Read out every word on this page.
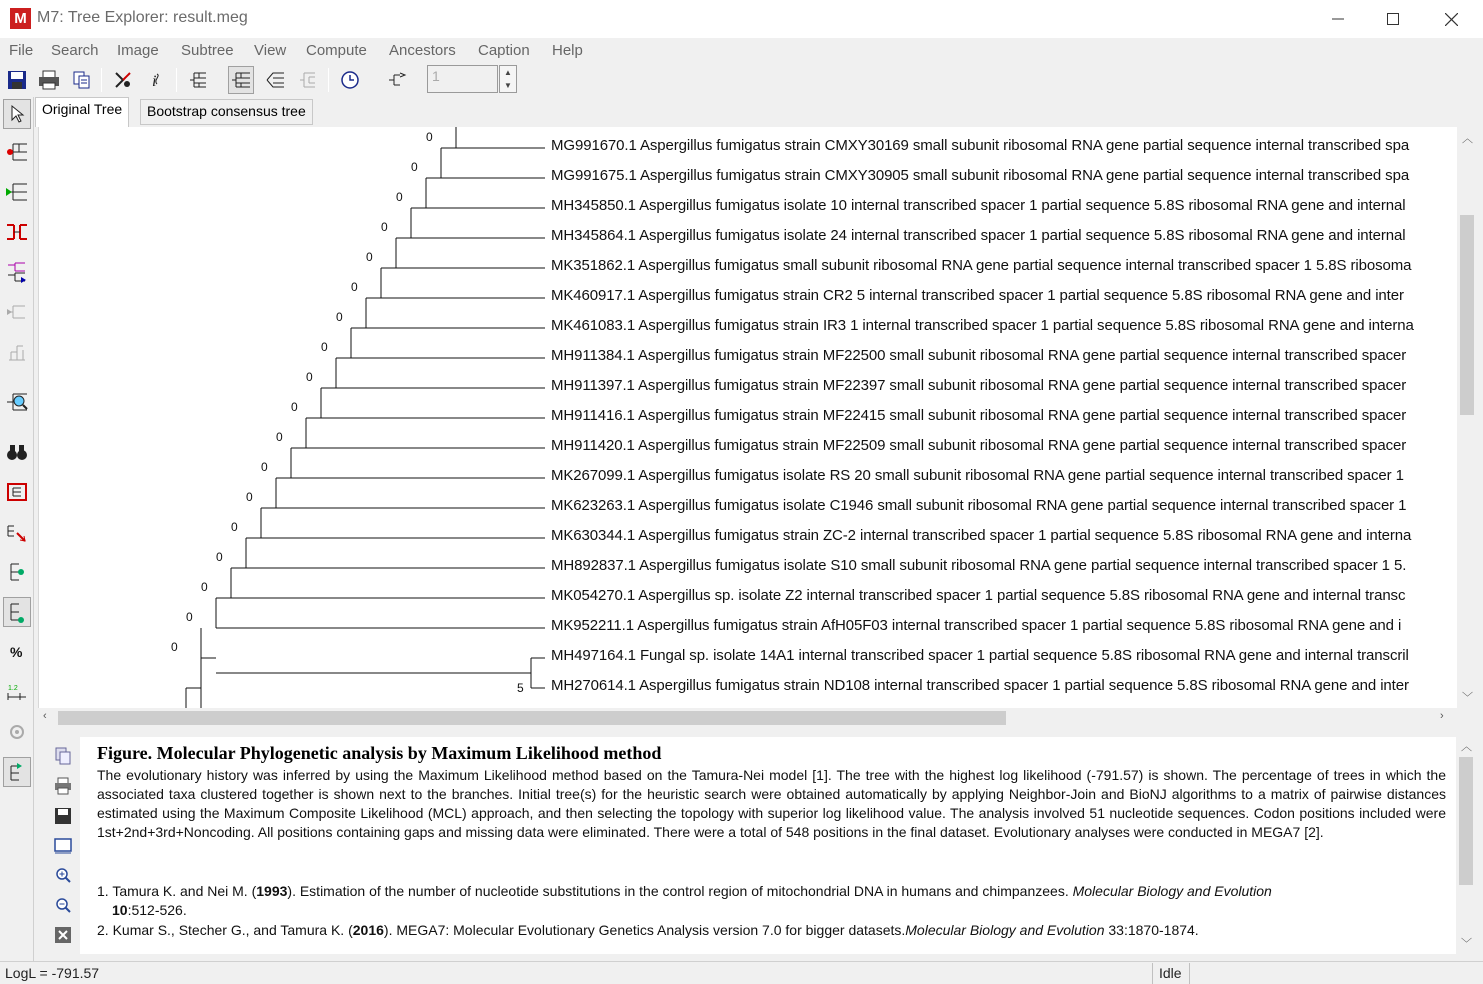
M M7: Tree Explorer: result.meg
File Search Image Subtree View Compute Ancestors Caption Help
i	1	▲
▼
%
1.2
Original Tree	Bootstrap consensus tree
0
0
0
0
0
0
0
0
0
0
0
0
0
0
0
0
0
0
5
MG991670.1 Aspergillus fumigatus strain CMXY30169 small subunit ribosomal RNA gene partial sequence internal transcribed spa
MG991675.1 Aspergillus fumigatus strain CMXY30905 small subunit ribosomal RNA gene partial sequence internal transcribed spa
MH345850.1 Aspergillus fumigatus isolate 10 internal transcribed spacer 1 partial sequence 5.8S ribosomal RNA gene and internal
MH345864.1 Aspergillus fumigatus isolate 24 internal transcribed spacer 1 partial sequence 5.8S ribosomal RNA gene and internal
MK351862.1 Aspergillus fumigatus small subunit ribosomal RNA gene partial sequence internal transcribed spacer 1 5.8S ribosoma
MK460917.1 Aspergillus fumigatus strain CR2 5 internal transcribed spacer 1 partial sequence 5.8S ribosomal RNA gene and inter
MK461083.1 Aspergillus fumigatus strain IR3 1 internal transcribed spacer 1 partial sequence 5.8S ribosomal RNA gene and interna
MH911384.1 Aspergillus fumigatus strain MF22500 small subunit ribosomal RNA gene partial sequence internal transcribed spacer
MH911397.1 Aspergillus fumigatus strain MF22397 small subunit ribosomal RNA gene partial sequence internal transcribed spacer
MH911416.1 Aspergillus fumigatus strain MF22415 small subunit ribosomal RNA gene partial sequence internal transcribed spacer
MH911420.1 Aspergillus fumigatus strain MF22509 small subunit ribosomal RNA gene partial sequence internal transcribed spacer
MK267099.1 Aspergillus fumigatus isolate RS 20 small subunit ribosomal RNA gene partial sequence internal transcribed spacer 1
MK623263.1 Aspergillus fumigatus isolate C1946 small subunit ribosomal RNA gene partial sequence internal transcribed spacer 1
MK630344.1 Aspergillus fumigatus strain ZC-2 internal transcribed spacer 1 partial sequence 5.8S ribosomal RNA gene and interna
MH892837.1 Aspergillus fumigatus isolate S10 small subunit ribosomal RNA gene partial sequence internal transcribed spacer 1 5.
MK054270.1 Aspergillus sp. isolate Z2 internal transcribed spacer 1 partial sequence 5.8S ribosomal RNA gene and internal transc
MK952211.1 Aspergillus fumigatus strain AfH05F03 internal transcribed spacer 1 partial sequence 5.8S ribosomal RNA gene and i
MH497164.1 Fungal sp. isolate 14A1 internal transcribed spacer 1 partial sequence 5.8S ribosomal RNA gene and internal transcril
MH270614.1 Aspergillus fumigatus strain ND108 internal transcribed spacer 1 partial sequence 5.8S ribosomal RNA gene and inter
︿
﹀
‹	›
Figure. Molecular Phylogenetic analysis by Maximum Likelihood method
The evolutionary history was inferred by using the Maximum Likelihood method based on the Tamura-Nei model [1]. The tree with the highest log likelihood (-791.57) is shown. The percentage of trees in which the associated taxa clustered together is shown next to the branches. Initial tree(s) for the heuristic search were obtained automatically by applying Neighbor-Join and BioNJ algorithms to a matrix of pairwise distances estimated using the Maximum Composite Likelihood (MCL) approach, and then selecting the topology with superior log likelihood value. The analysis involved 51 nucleotide sequences. Codon positions included were 1st+2nd+3rd+Noncoding. All positions containing gaps and missing data were eliminated. There were a total of 548 positions in the final dataset. Evolutionary analyses were conducted in MEGA7 [2].
1. Tamura K. and Nei M. (1993). Estimation of the number of nucleotide substitutions in the control region of mitochondrial DNA in humans and chimpanzees. Molecular Biology and Evolution
10:512-526.
2. Kumar S., Stecher G., and Tamura K. (2016). MEGA7: Molecular Evolutionary Genetics Analysis version 7.0 for bigger datasets.Molecular Biology and Evolution 33:1870-1874.
︿
﹀
LogL = -791.57	Idle
